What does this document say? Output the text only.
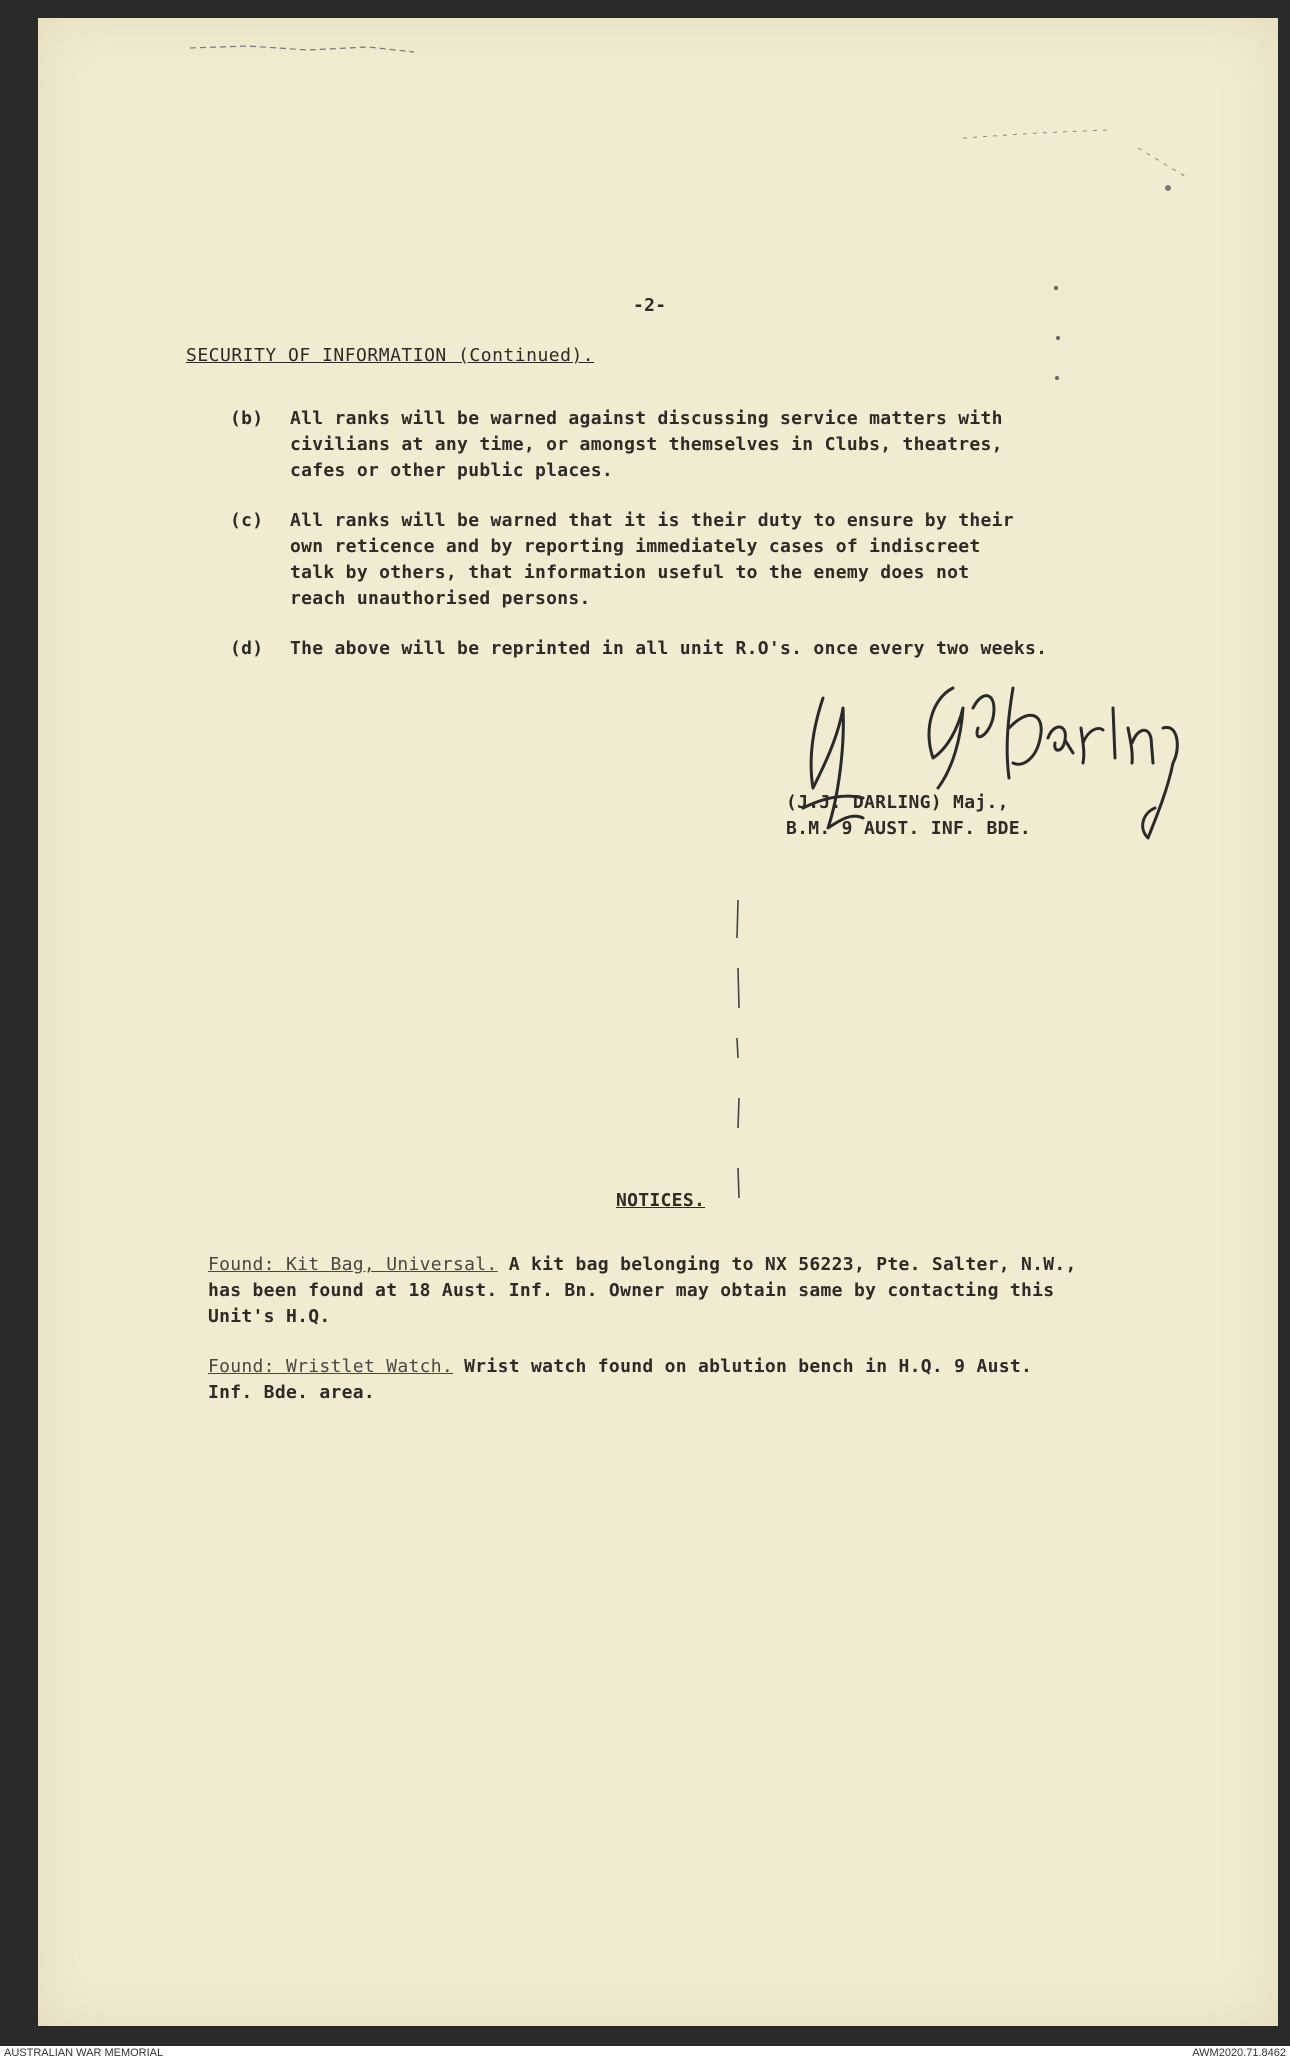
-2-
SECURITY OF INFORMATION (Continued).
(b) All ranks will be warned against discussing service matters with
civilians at any time, or amongst themselves in Clubs, theatres,
cafes or other public places.
(c) All ranks will be warned that it is their duty to ensure by their
own reticence and by reporting immediately cases of indiscreet
talk by others, that information useful to the enemy does not
reach unauthorised persons.
(d) The above will be reprinted in all unit R.O's. once every two weeks.
(J.J. DARLING) Maj.,
B.M. 9 AUST. INF. BDE.
NOTICES.
Found: Kit Bag, Universal. A kit bag belonging to NX 56223, Pte. Salter, N.W.,
has been found at 18 Aust. Inf. Bn. Owner may obtain same by contacting this
Unit's H.Q.
Found: Wristlet Watch. Wrist watch found on ablution bench in H.Q. 9 Aust.
Inf. Bde. area.
AUSTRALIAN WAR MEMORIAL	AWM2020.71.8462
